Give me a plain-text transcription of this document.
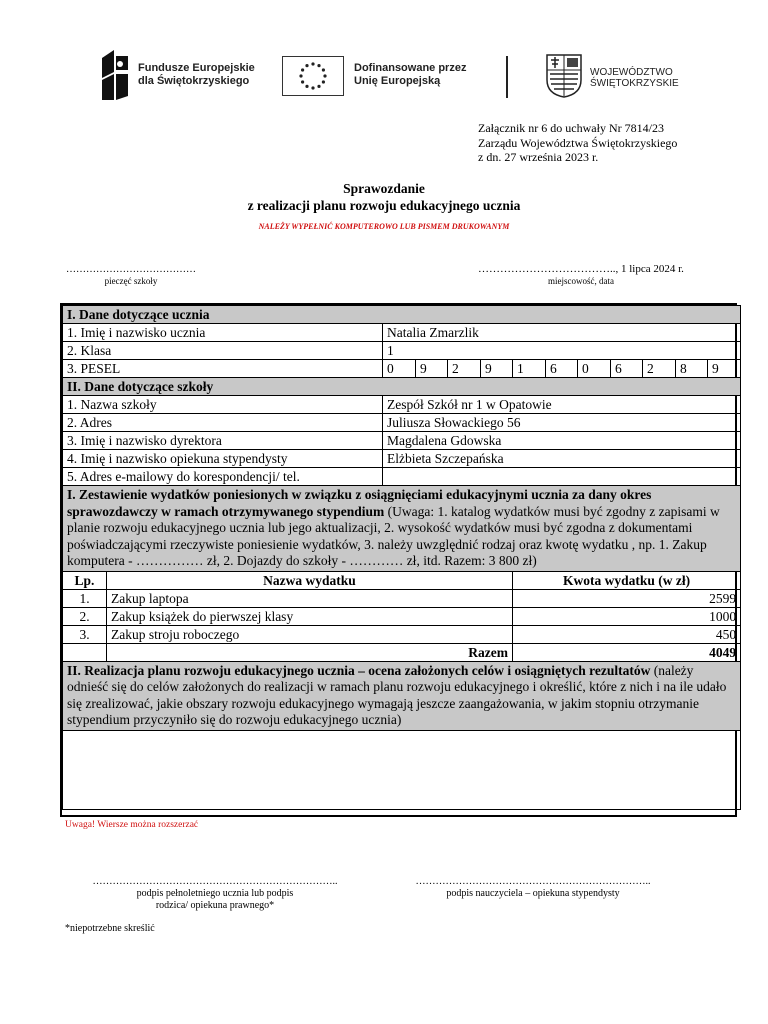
Fundusze Europejskie
dla Świętokrzyskiego
Dofinansowane przez
Unię Europejską
WOJEWÓDZTWO
ŚWIĘTOKRZYSKIE
Załącznik nr 6 do uchwały Nr 7814/23
Zarządu Województwa Świętokrzyskiego
z dn. 27 września 2023 r.
Sprawozdanie
z realizacji planu rozwoju edukacyjnego ucznia
NALEŻY WYPEŁNIĆ KOMPUTEROWO LUB PISMEM DRUKOWANYM
…………………………………
pieczęć szkoły
……………………………….., 1 lipca 2024 r.
miejscowość, data
I. Dane dotyczące ucznia												
1. Imię i nazwisko ucznia		Natalia Zmarzlik										
2. Klasa		1										
3. PESEL		0	9	2	9	1	6	0	6	2	8	9
II. Dane dotyczące szkoły												
1. Nazwa szkoły		Zespół Szkół nr 1 w Opatowie										
2. Adres		Juliusza Słowackiego 56										
3. Imię i nazwisko dyrektora		Magdalena Gdowska										
4. Imię i nazwisko opiekuna stypendysty		Elżbieta Szczepańska										
5. Adres e-mailowy do korespondencji/ tel.												
I. Zestawienie wydatków poniesionych w związku z osiągnięciami edukacyjnymi ucznia za dany okres sprawozdawczy w ramach otrzymywanego stypendium (Uwaga: 1. katalog wydatków musi być zgodny z zapisami w planie rozwoju edukacyjnego ucznia lub jego aktualizacji, 2. wysokość wydatków musi być zgodna z dokumentami poświadczającymi rzeczywiste poniesienie wydatków, 3. należy uwzględnić rodzaj oraz kwotę wydatku , np. 1. Zakup komputera - …………… zł, 2. Dojazdy do szkoły - ………… zł, itd. Razem: 3 800 zł)												
Lp.	Nazwa wydatku					Kwota wydatku (w zł)						
1.	Zakup laptopa					2599						
2.	Zakup książek do pierwszej klasy					1000						
3.	Zakup stroju roboczego					450						
	Razem					4049						
II. Realizacja planu rozwoju edukacyjnego ucznia – ocena założonych celów i osiągniętych rezultatów (należy odnieść się do celów założonych do realizacji w ramach planu rozwoju edukacyjnego i określić, które z nich i na ile udało się zrealizować, jakie obszary rozwoju edukacyjnego wymagają jeszcze zaangażowania, w jakim stopniu otrzymanie stypendium przyczyniło się do rozwoju edukacyjnego ucznia)												

Uwaga! Wiersze można rozszerzać
………………………………………………………………..
podpis pełnoletniego ucznia lub podpis
rodzica/ opiekuna prawnego*
……………………………………………………………..
podpis nauczyciela – opiekuna stypendysty
*niepotrzebne skreślić
